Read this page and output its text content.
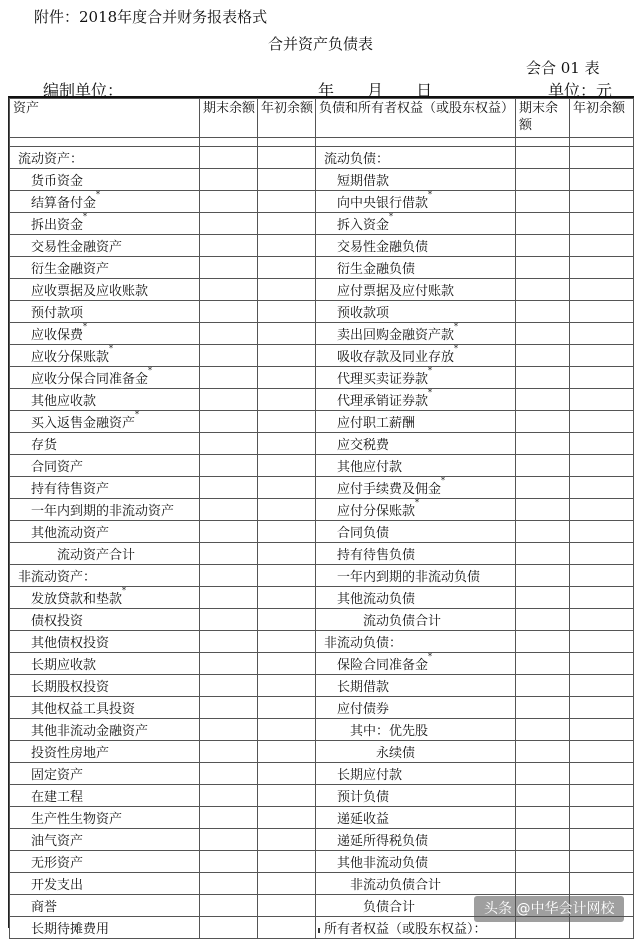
附件：2018年度合并财务报表格式
合并资产负债表
会合 01 表
编制单位：	年 月 日	单位：元
资产	期末余额	年初余额	负债和所有者权益（或股东权益）	期末余额	年初余额

流动资产：			流动负债：		
货币资金			短期借款		
结算备付金*			向中央银行借款*		
拆出资金*			拆入资金*		
交易性金融资产			交易性金融负债		
衍生金融资产			衍生金融负债		
应收票据及应收账款			应付票据及应付账款		
预付款项			预收款项		
应收保费*			卖出回购金融资产款*		
应收分保账款*			吸收存款及同业存放*		
应收分保合同准备金*			代理买卖证券款*		
其他应收款			代理承销证券款*		
买入返售金融资产*			应付职工薪酬		
存货			应交税费		
合同资产			其他应付款		
持有待售资产			应付手续费及佣金*		
一年内到期的非流动资产			应付分保账款*		
其他流动资产			合同负债		
流动资产合计			持有待售负债		
非流动资产：			一年内到期的非流动负债		
发放贷款和垫款*			其他流动负债		
债权投资			流动负债合计		
其他债权投资			非流动负债：		
长期应收款			保险合同准备金*		
长期股权投资			长期借款		
其他权益工具投资			应付债券		
其他非流动金融资产			其中：优先股		
投资性房地产			永续债		
固定资产			长期应付款		
在建工程			预计负债		
生产性生物资产			递延收益		
油气资产			递延所得税负债		
无形资产			其他非流动负债		
开发支出			非流动负债合计		
商誉			负债合计		
长期待摊费用			所有者权益（或股东权益）：		
头条 @中华会计网校
